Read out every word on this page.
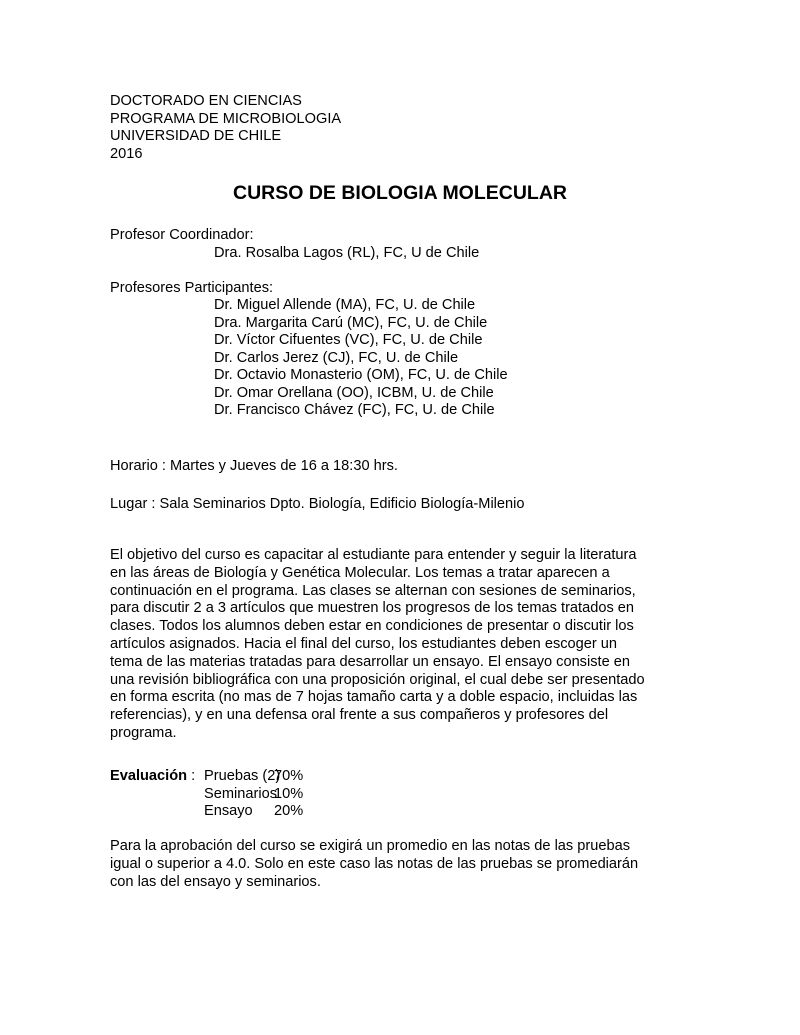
DOCTORADO EN CIENCIAS
PROGRAMA DE MICROBIOLOGIA
UNIVERSIDAD DE CHILE
2016
CURSO DE BIOLOGIA MOLECULAR
Profesor Coordinador:
Dra. Rosalba Lagos (RL), FC, U de Chile
Profesores Participantes:
Dr. Miguel Allende (MA), FC, U. de Chile
Dra. Margarita Carú (MC), FC, U. de Chile
Dr. Víctor Cifuentes (VC), FC, U. de Chile
Dr. Carlos Jerez (CJ), FC, U. de Chile
Dr. Octavio Monasterio (OM), FC, U. de Chile
Dr. Omar Orellana (OO), ICBM, U. de Chile
Dr. Francisco Chávez (FC), FC, U. de Chile
Horario : Martes y Jueves de 16 a 18:30 hrs.
Lugar : Sala Seminarios Dpto. Biología, Edificio Biología-Milenio
El objetivo del curso es capacitar al estudiante para entender y seguir la literatura
en las áreas de Biología y Genética Molecular. Los temas a tratar aparecen a
continuación en el programa. Las clases se alternan con sesiones de seminarios,
para discutir 2 a 3 artículos que muestren los progresos de los temas tratados en
clases. Todos los alumnos deben estar en condiciones de presentar o discutir los
artículos asignados. Hacia el final del curso, los estudiantes deben escoger un
tema de las materias tratadas para desarrollar un ensayo. El ensayo consiste en
una revisión bibliográfica con una proposición original, el cual debe ser presentado
en forma escrita (no mas de 7 hojas tamaño carta y a doble espacio, incluidas las
referencias), y en una defensa oral frente a sus compañeros y profesores del
programa.
Evaluación : Pruebas (2)
70%
Seminarios
10%
Ensayo 20%
Para la aprobación del curso se exigirá un promedio en las notas de las pruebas
igual o superior a 4.0. Solo en este caso las notas de las pruebas se promediarán
con las del ensayo y seminarios.
